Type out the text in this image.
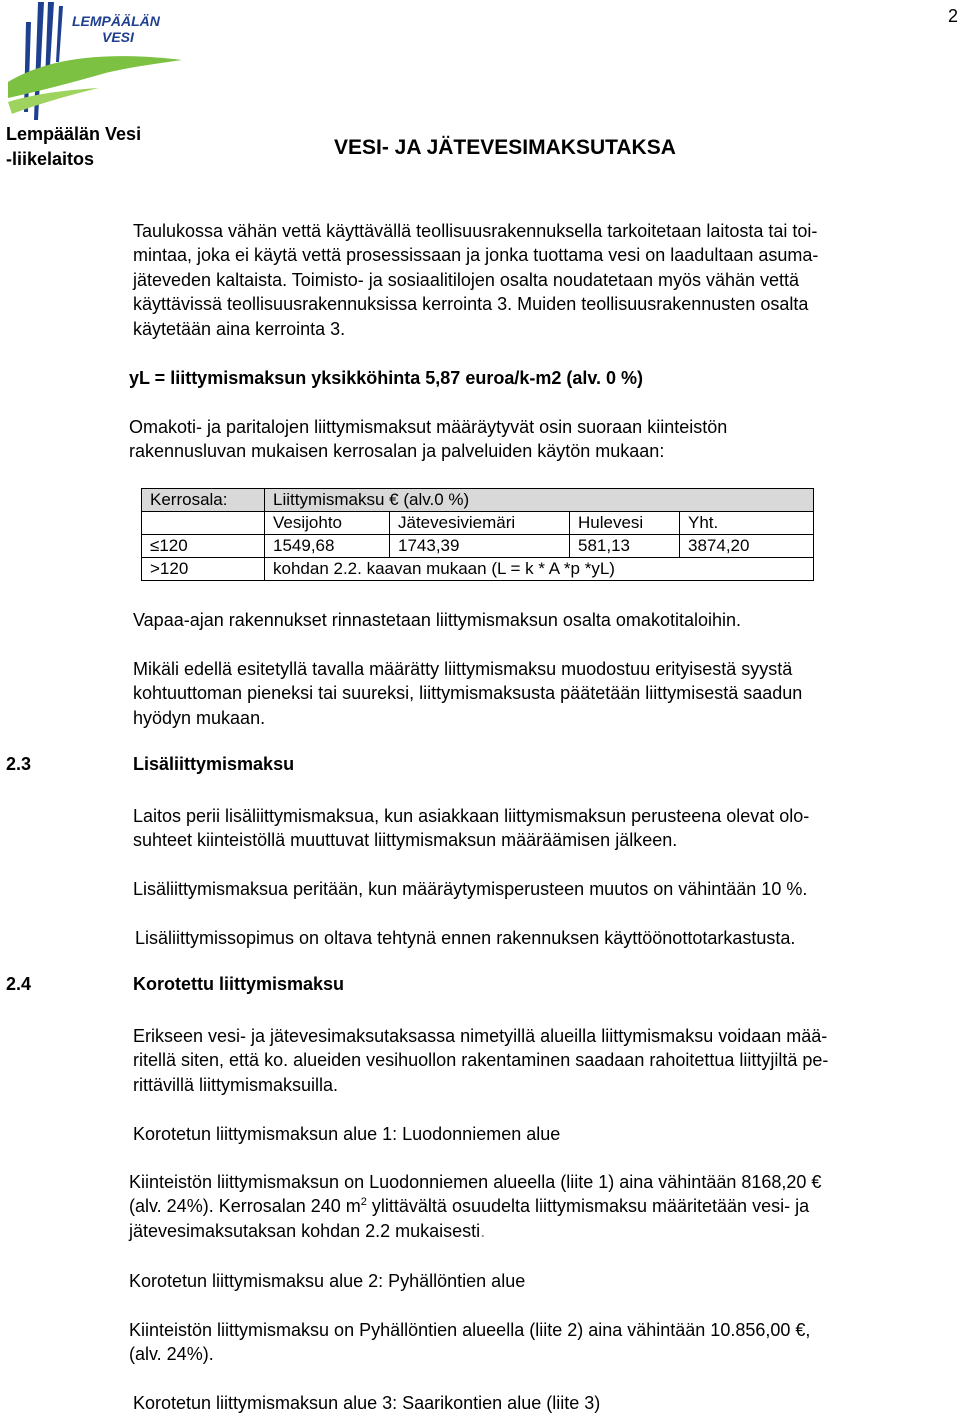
2
LEMPÄÄLÄN
VESI
Lempäälän Vesi
-liikelaitos	VESI- JA JÄTEVESIMAKSUTAKSA
Taulukossa vähän vettä käyttävällä teollisuusrakennuksella tarkoitetaan laitosta tai toi-
mintaa, joka ei käytä vettä prosessissaan ja jonka tuottama vesi on laadultaan asuma-
jäteveden kaltaista. Toimisto- ja sosiaalitilojen osalta noudatetaan myös vähän vettä
käyttävissä teollisuusrakennuksissa kerrointa 3. Muiden teollisuusrakennusten osalta
käytetään aina kerrointa 3.
yL = liittymismaksun yksikköhinta 5,87 euroa/k-m2 (alv. 0 %)
Omakoti- ja paritalojen liittymismaksut määräytyvät osin suoraan kiinteistön
rakennusluvan mukaisen kerrosalan ja palveluiden käytön mukaan:
Kerrosala:	Liittymismaksu € (alv.0 %)			
	Vesijohto	Jätevesiviemäri	Hulevesi	Yht.
≤120	1549,68	1743,39	581,13	3874,20
>120	kohdan 2.2. kaavan mukaan (L = k * A *p *yL)			
Vapaa-ajan rakennukset rinnastetaan liittymismaksun osalta omakotitaloihin.
Mikäli edellä esitetyllä tavalla määrätty liittymismaksu muodostuu erityisestä syystä
kohtuuttoman pieneksi tai suureksi, liittymismaksusta päätetään liittymisestä saadun
hyödyn mukaan.
2.3	Lisäliittymismaksu
Laitos perii lisäliittymismaksua, kun asiakkaan liittymismaksun perusteena olevat olo-
suhteet kiinteistöllä muuttuvat liittymismaksun määräämisen jälkeen.
Lisäliittymismaksua peritään, kun määräytymisperusteen muutos on vähintään 10 %.
Lisäliittymissopimus on oltava tehtynä ennen rakennuksen käyttöönottotarkastusta.
2.4	Korotettu liittymismaksu
Erikseen vesi- ja jätevesimaksutaksassa nimetyillä alueilla liittymismaksu voidaan mää-
ritellä siten, että ko. alueiden vesihuollon rakentaminen saadaan rahoitettua liittyjiltä pe-
rittävillä liittymismaksuilla.
Korotetun liittymismaksun alue 1: Luodonniemen alue
Kiinteistön liittymismaksun on Luodonniemen alueella (liite 1) aina vähintään 8168,20 €
(alv. 24%). Kerrosalan 240 $m^2$ ylittävältä osuudelta liittymismaksu määritetään vesi- ja
jätevesimaksutaksan kohdan 2.2 mukaisesti.
Korotetun liittymismaksu alue 2: Pyhällöntien alue
Kiinteistön liittymismaksu on Pyhällöntien alueella (liite 2) aina vähintään 10.856,00 €,
(alv. 24%).
Korotetun liittymismaksun alue 3: Saarikontien alue (liite 3)
